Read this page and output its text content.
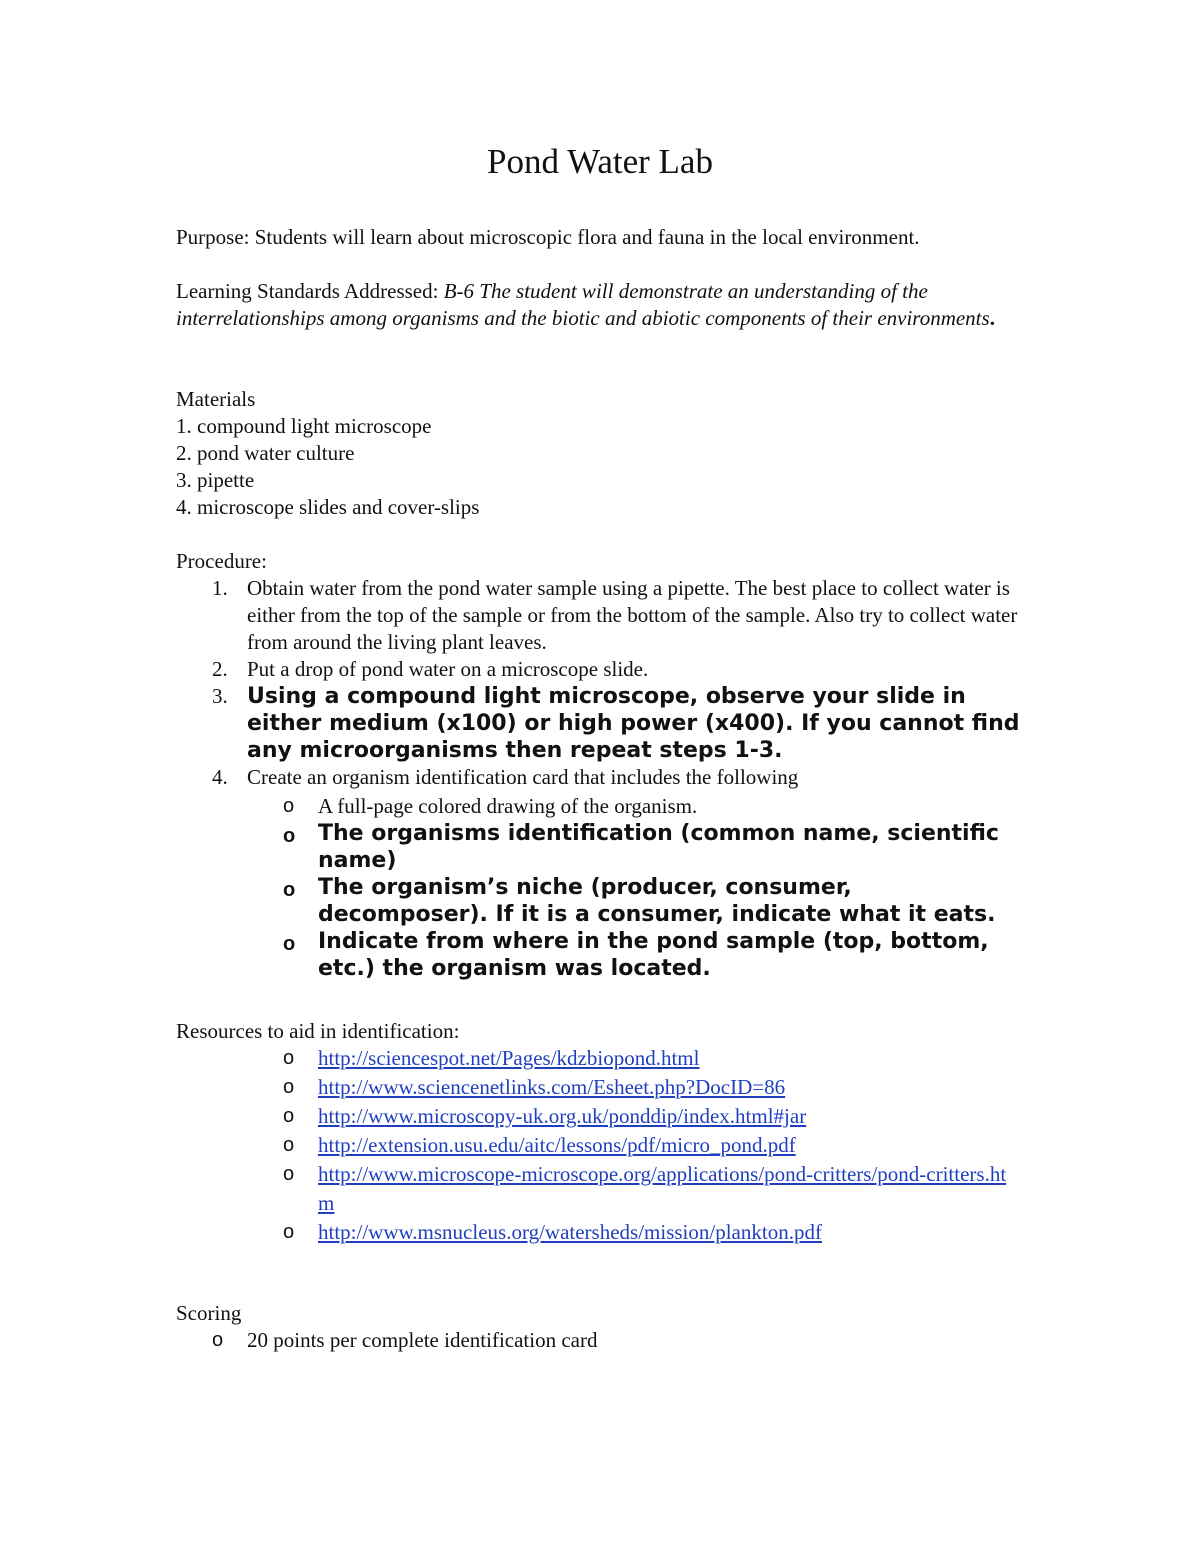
Pond Water Lab

Purpose: Students will learn about microscopic flora and fauna in the local environment.

Learning Standards Addressed: B-6 The student will demonstrate an understanding of the interrelationships among organisms and the biotic and abiotic components of their environments.

Materials

1. compound light microscope
2. pond water culture
3. pipette
4. microscope slides and cover-slips

Procedure:

1. Obtain water from the pond water sample using a pipette. The best place to collect water is either from the top of the sample or from the bottom of the sample. Also try to collect water from around the living plant leaves.
2. Put a drop of pond water on a microscope slide.
3. Using a compound light microscope, observe your slide in either medium (x100) or high power (x400). If you cannot find any microorganisms then repeat steps 1-3.
4. Create an organism identification card that includes the following
o A full-page colored drawing of the organism.
o The organisms identification (common name, scientific name)
o The organism’s niche (producer, consumer, decomposer). If it is a consumer, indicate what it eats.
o Indicate from where in the pond sample (top, bottom, etc.) the organism was located.

Resources to aid in identification:

o http://sciencespot.net/Pages/kdzbiopond.html
o http://www.sciencenetlinks.com/Esheet.php?DocID=86
o http://www.microscopy-uk.org.uk/ponddip/index.html#jar
o http://extension.usu.edu/aitc/lessons/pdf/micro_pond.pdf
o http://www.microscope-microscope.org/applications/pond-critters/pond-critters.htm
o http://www.msnucleus.org/watersheds/mission/plankton.pdf

Scoring

o 20 points per complete identification card
